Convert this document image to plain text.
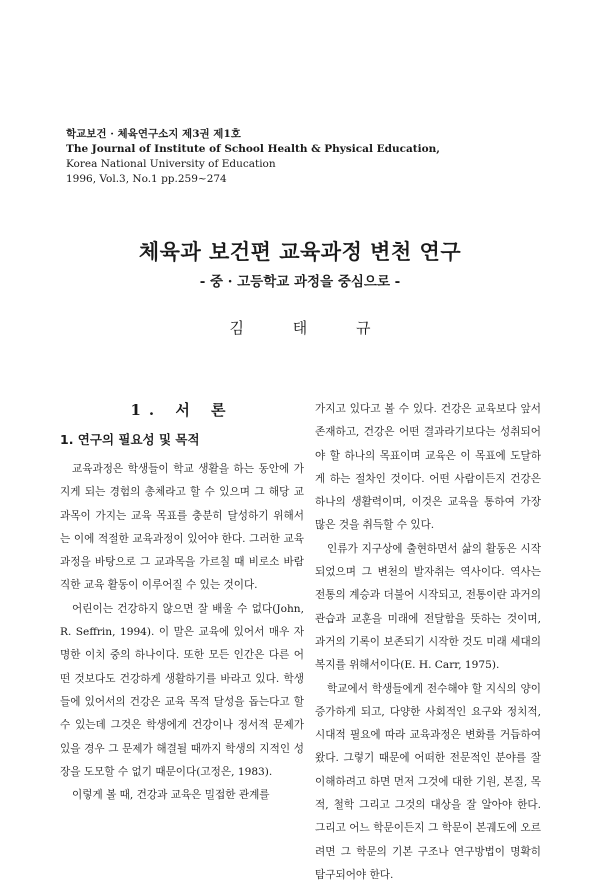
학교보건 · 체육연구소지 제3권 제1호
The Journal of Institute of School Health & Physical Education,
Korea National University of Education
1996, Vol.3, No.1 pp.259~274
체육과 보건편 교육과정 변천 연구
- 중 · 고등학교 과정을 중심으로 -
김 태 규
1. 서 론
1. 연구의 필요성 및 목적

교육과정은 학생들이 학교 생활을 하는 동안에 가지게 되는 경험의 총체라고 할 수 있으며 그 해당 교과목이 가지는 교육 목표를 충분히 달성하기 위해서는 이에 적절한 교육과정이 있어야 한다. 그러한 교육과정을 바탕으로 그 교과목을 가르칠 때 비로소 바람직한 교육 활동이 이루어질 수 있는 것이다.

어린이는 건강하지 않으면 잘 배울 수 없다(John, R. Seffrin, 1994). 이 말은 교육에 있어서 매우 자명한 이치 중의 하나이다. 또한 모든 인간은 다른 어떤 것보다도 건강하게 생활하기를 바라고 있다. 학생들에 있어서의 건강은 교육 목적 달성을 돕는다고 할 수 있는데 그것은 학생에게 건강이나 정서적 문제가 있을 경우 그 문제가 해결될 때까지 학생의 지적인 성장을 도모할 수 없기 때문이다(고정은, 1983).

이렇게 볼 때, 건강과 교육은 밀접한 관계를

가지고 있다고 볼 수 있다. 건강은 교육보다 앞서 존재하고, 건강은 어떤 결과라기보다는 성취되어야 할 하나의 목표이며 교육은 이 목표에 도달하게 하는 절차인 것이다. 어떤 사람이든지 건강은 하나의 생활력이며, 이것은 교육을 통하여 가장 많은 것을 취득할 수 있다.

인류가 지구상에 출현하면서 삶의 활동은 시작되었으며 그 변천의 발자취는 역사이다. 역사는 전통의 계승과 더불어 시작되고, 전통이란 과거의 관습과 교훈을 미래에 전달함을 뜻하는 것이며, 과거의 기록이 보존되기 시작한 것도 미래 세대의 복지를 위해서이다(E. H. Carr, 1975).

학교에서 학생들에게 전수해야 할 지식의 양이 증가하게 되고, 다양한 사회적인 요구와 정치적, 시대적 필요에 따라 교육과정은 변화를 거듭하여 왔다. 그렇기 때문에 어떠한 전문적인 분야를 잘 이해하려고 하면 먼저 그것에 대한 기원, 본질, 목적, 철학 그리고 그것의 대상을 잘 알아야 한다. 그리고 어느 학문이든지 그 학문이 본궤도에 오르려면 그 학문의 기본 구조나 연구방법이 명확히 탐구되어야 한다.
